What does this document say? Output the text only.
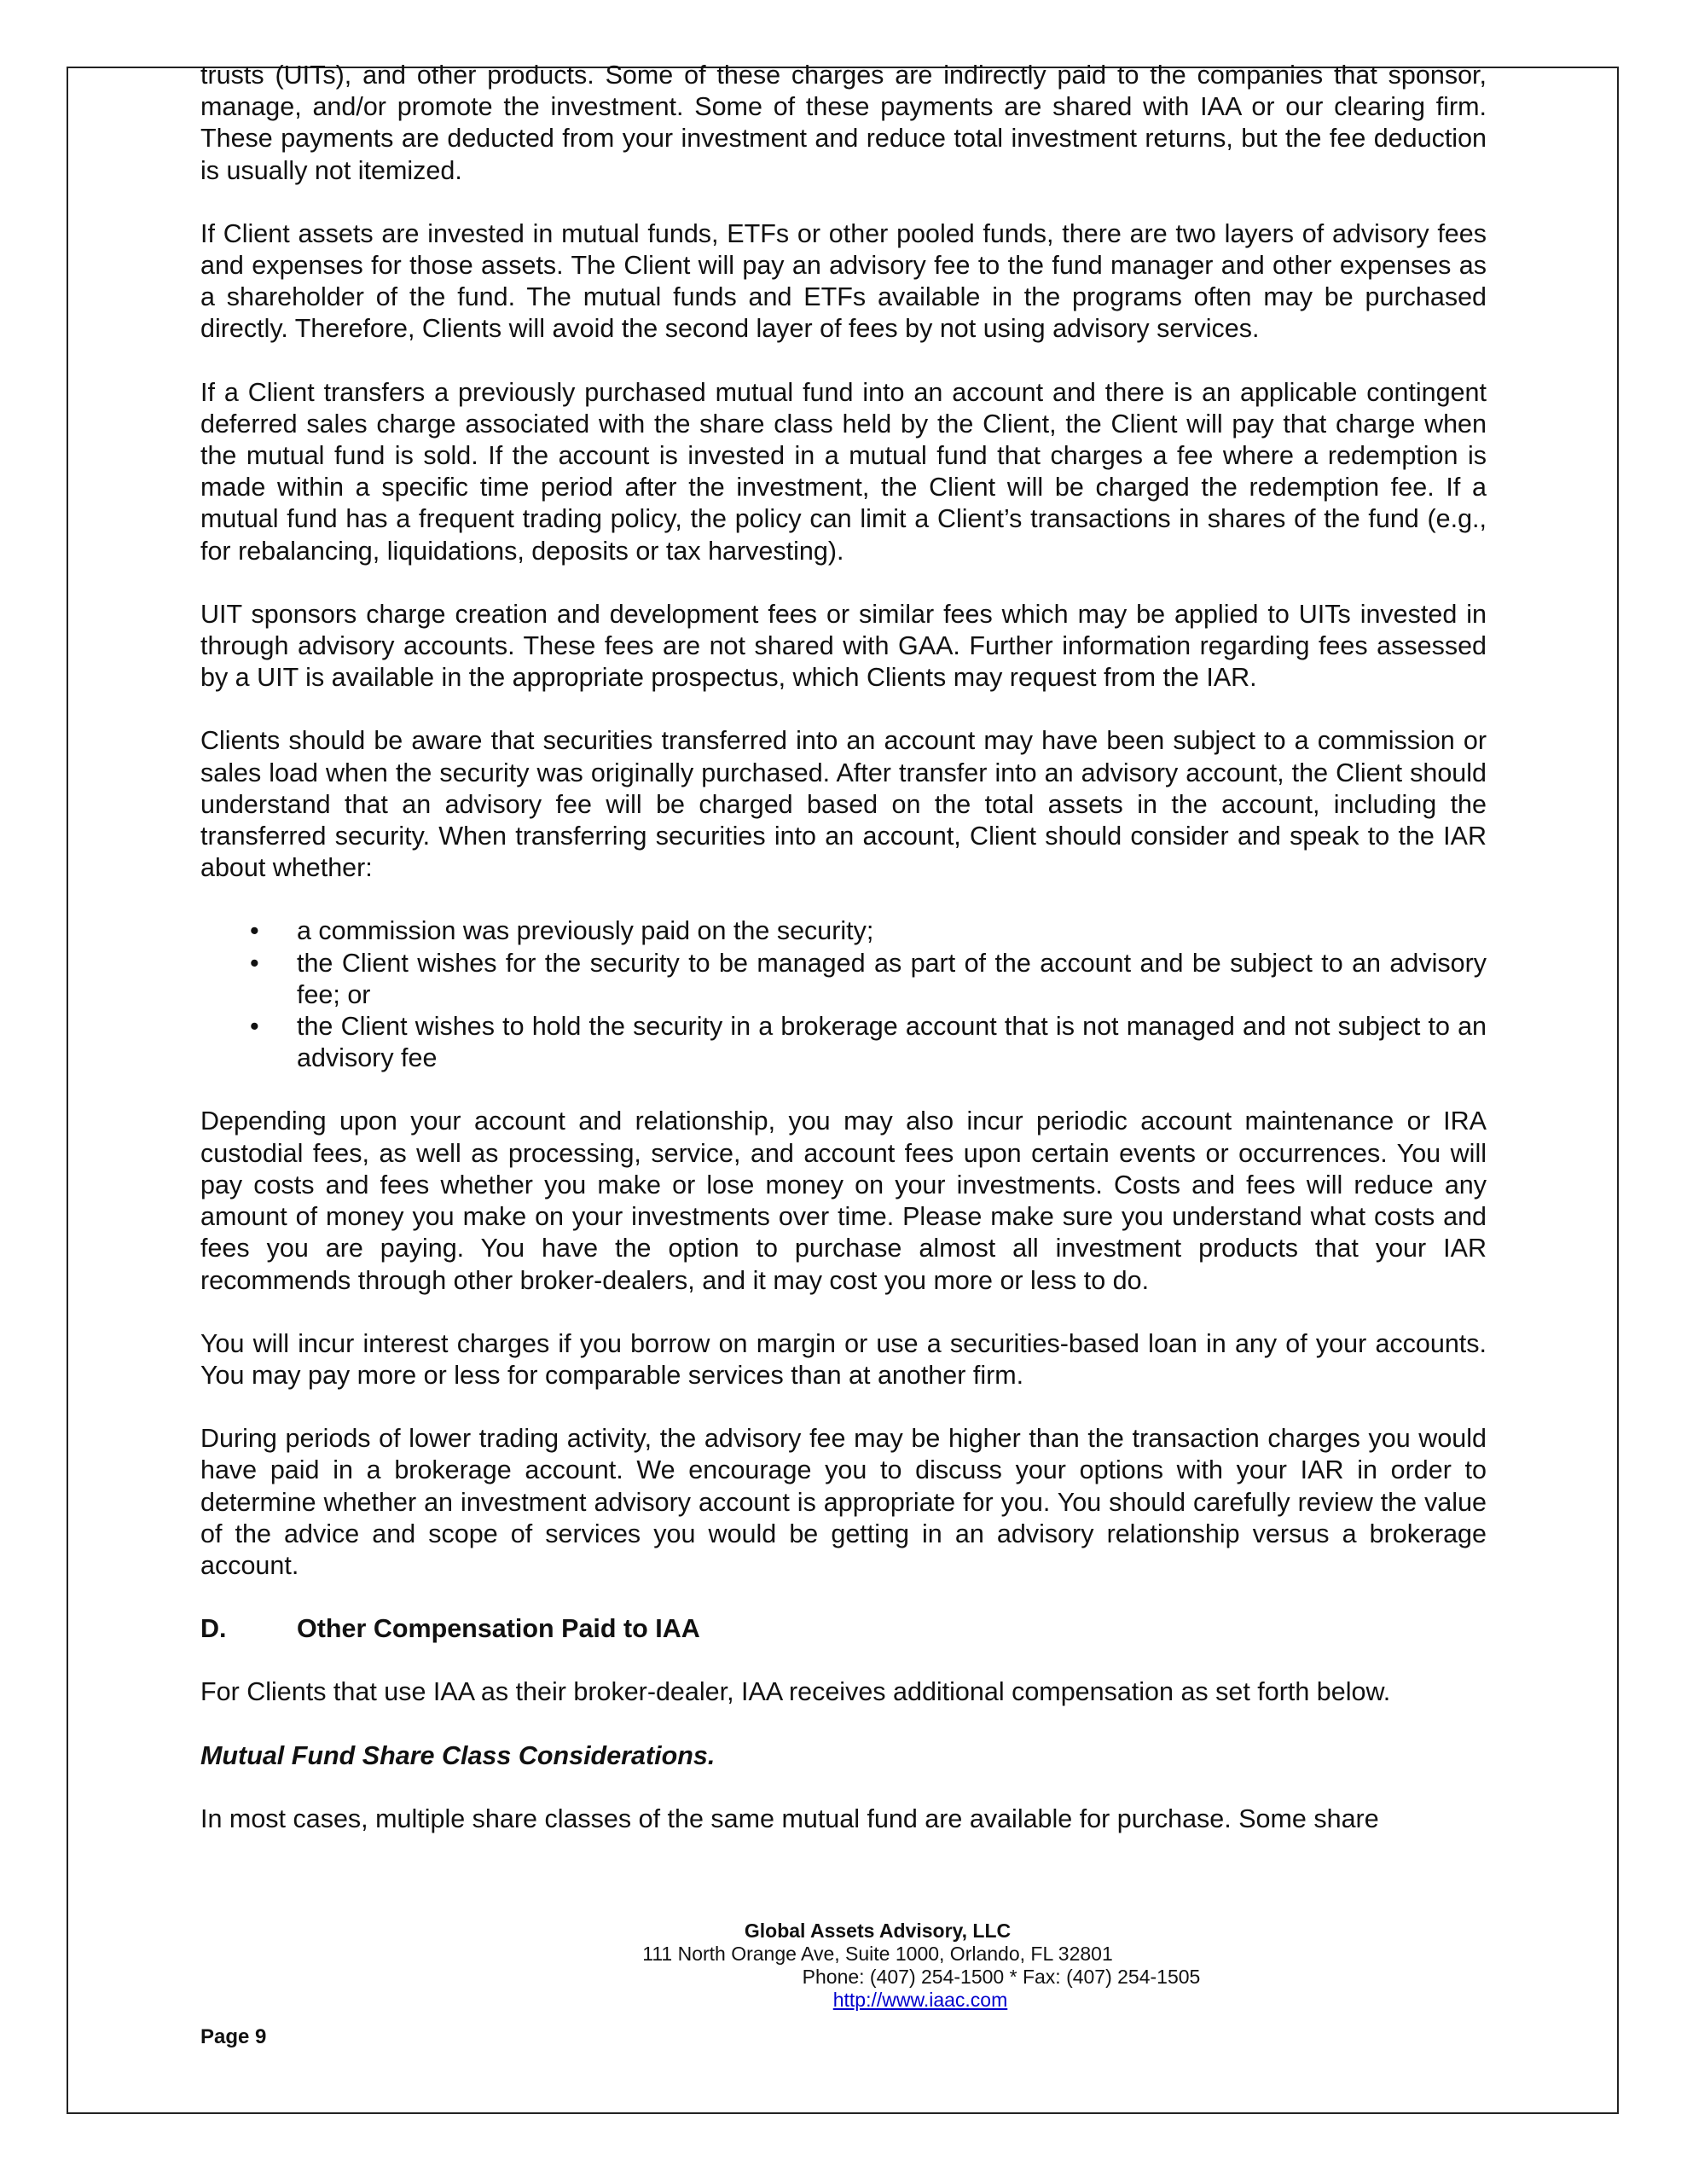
trusts (UITs), and other products. Some of these charges are indirectly paid to the companies that sponsor, manage, and/or promote the investment. Some of these payments are shared with IAA or our clearing firm. These payments are deducted from your investment and reduce total investment returns, but the fee deduction is usually not itemized.

If Client assets are invested in mutual funds, ETFs or other pooled funds, there are two layers of advisory fees and expenses for those assets. The Client will pay an advisory fee to the fund manager and other expenses as a shareholder of the fund. The mutual funds and ETFs available in the programs often may be purchased directly. Therefore, Clients will avoid the second layer of fees by not using advisory services.

If a Client transfers a previously purchased mutual fund into an account and there is an applicable contingent deferred sales charge associated with the share class held by the Client, the Client will pay that charge when the mutual fund is sold. If the account is invested in a mutual fund that charges a fee where a redemption is made within a specific time period after the investment, the Client will be charged the redemption fee. If a mutual fund has a frequent trading policy, the policy can limit a Client’s transactions in shares of the fund (e.g., for rebalancing, liquidations, deposits or tax harvesting).

UIT sponsors charge creation and development fees or similar fees which may be applied to UITs invested in through advisory accounts. These fees are not shared with GAA. Further information regarding fees assessed by a UIT is available in the appropriate prospectus, which Clients may request from the IAR.

Clients should be aware that securities transferred into an account may have been subject to a commission or sales load when the security was originally purchased. After transfer into an advisory account, the Client should understand that an advisory fee will be charged based on the total assets in the account, including the transferred security. When transferring securities into an account, Client should consider and speak to the IAR about whether:

• a commission was previously paid on the security;
• the Client wishes for the security to be managed as part of the account and be subject to an advisory fee; or
• the Client wishes to hold the security in a brokerage account that is not managed and not subject to an advisory fee

Depending upon your account and relationship, you may also incur periodic account maintenance or IRA custodial fees, as well as processing, service, and account fees upon certain events or occurrences. You will pay costs and fees whether you make or lose money on your investments. Costs and fees will reduce any amount of money you make on your investments over time. Please make sure you understand what costs and fees you are paying. You have the option to purchase almost all investment products that your IAR recommends through other broker-dealers, and it may cost you more or less to do.

You will incur interest charges if you borrow on margin or use a securities-based loan in any of your accounts. You may pay more or less for comparable services than at another firm.

During periods of lower trading activity, the advisory fee may be higher than the transaction charges you would have paid in a brokerage account. We encourage you to discuss your options with your IAR in order to determine whether an investment advisory account is appropriate for you. You should carefully review the value of the advice and scope of services you would be getting in an advisory relationship versus a brokerage account.

D.	Other Compensation Paid to IAA

For Clients that use IAA as their broker-dealer, IAA receives additional compensation as set forth below.

Mutual Fund Share Class Considerations.

In most cases, multiple share classes of the same mutual fund are available for purchase. Some share

Global Assets Advisory, LLC
111 North Orange Ave, Suite 1000, Orlando, FL 32801
Phone: (407) 254-1500 * Fax: (407) 254-1505
http://www.iaac.com
Page 9
